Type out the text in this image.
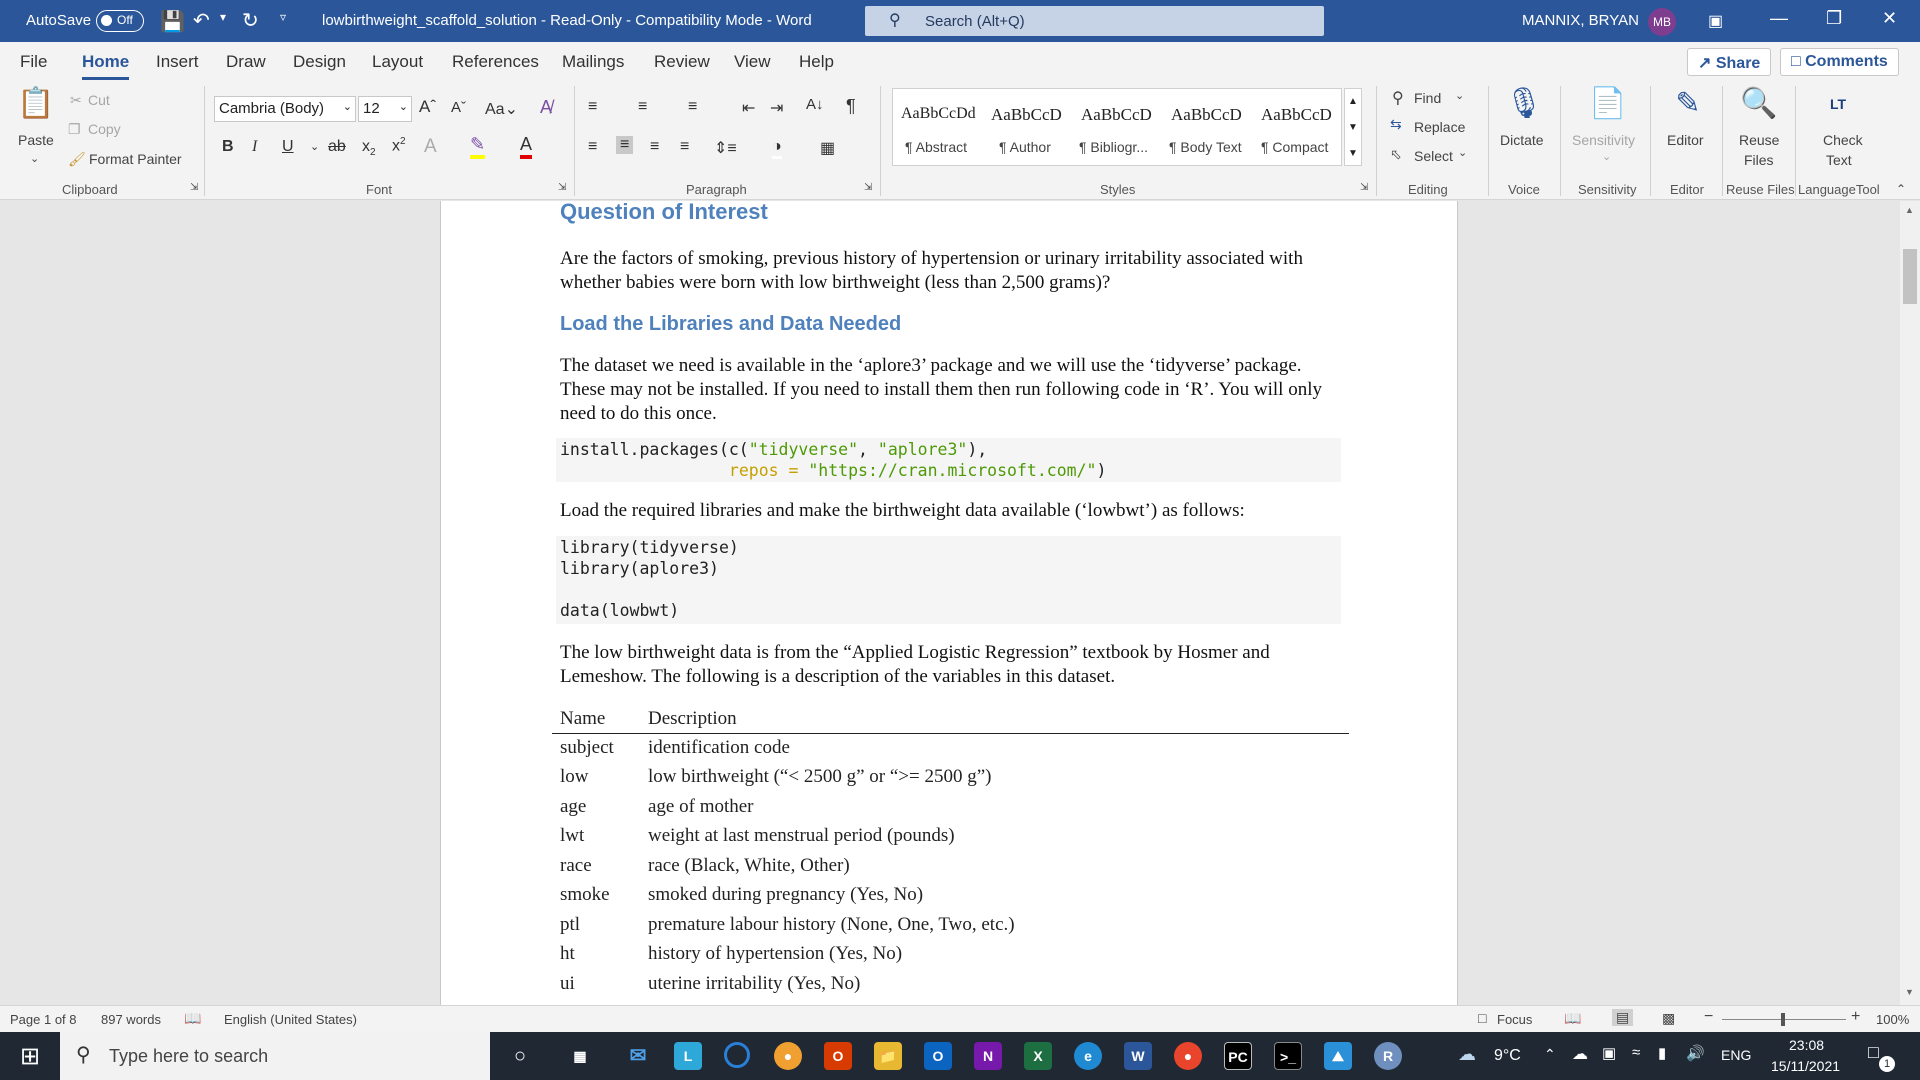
AutoSave Off 💾 ↶ ▾ ↻ ▿ lowbirthweight_scaffold_solution - Read-Only - Compatibility Mode - Word	⚲ Search (Alt+Q)	MANNIX, BRYAN	MB	▣	— ❐ ✕
File Home Insert Draw Design Layout References Mailings Review View Help	↗ Share	□ Comments
📋
Paste
⌄
✂ Cut
❐ Copy
🖌 Format Painter
Clipboard	⇲
Cambria (Body) ⌄ 12 ⌄ Aˆ Aˇ Aa⌄ A̸
B I U ⌄ ab $x_2$ $x^2$ A ✎ A
Font	⇲
≡	≡	≡	⇤ ⇥ A↓ ¶
≡ ≡ ≡ ≡ ⇕≡ ◑ ▦
Paragraph	⇲
AaBbCcDd
¶ Abstract
AaBbCcD
¶ Author
AaBbCcD
¶ Bibliogr...
AaBbCcD
¶ Body Text
AaBbCcD
¶ Compact
▲
▼
▼
Styles	⇲
⚲ Find ⌄
⇆ Replace
⬁ Select ⌄
Editing
🎙
Dictate
Voice
📄
Sensitivity
⌄
Sensitivity
✎
Editor
Editor
🔍
Reuse
Files
Reuse Files
LT
Check
Text
LanguageTool ⌃
Question of Interest
Are the factors of smoking, previous history of hypertension or urinary irritability associated with whether babies were born with low birthweight (less than 2,500 grams)?
Load the Libraries and Data Needed
The dataset we need is available in the ‘aplore3’ package and we will use the ‘tidyverse’ package. These may not be installed. If you need to install them then run following code in ‘R’. You will only need to do this once.
install.packages(c("tidyverse", "aplore3"),
repos = "https://cran.microsoft.com/")
Load the required libraries and make the birthweight data available (‘lowbwt’) as follows:
library(tidyverse)
library(aplore3)

data(lowbwt)
The low birthweight data is from the “Applied Logistic Regression” textbook by Hosmer and Lemeshow. The following is a description of the variables in this dataset.
Name	Description
subject	identification code
low	low birthweight (“< 2500 g” or “>= 2500 g”)
age	age of mother
lwt	weight at last menstrual period (pounds)
race	race (Black, White, Other)
smoke	smoked during pregnancy (Yes, No)
ptl	premature labour history (None, One, Two, etc.)
ht	history of hypertension (Yes, No)
ui	uterine irritability (Yes, No)
▲
▼
Page 1 of 8 897 words 📖 English (United States)	□ Focus 📖 ▤ ▩ −	+ 100%
⊞ ⚲ Type here to search	○	▦	✉	L	●	O	📁	O	N	X	e	W	●	PC	>_	⛰	R	☁ 9°C ⌃ ☁ ▣ ≈ ▮ 🔊 ENG
23:08
15/11/2021
□
1
